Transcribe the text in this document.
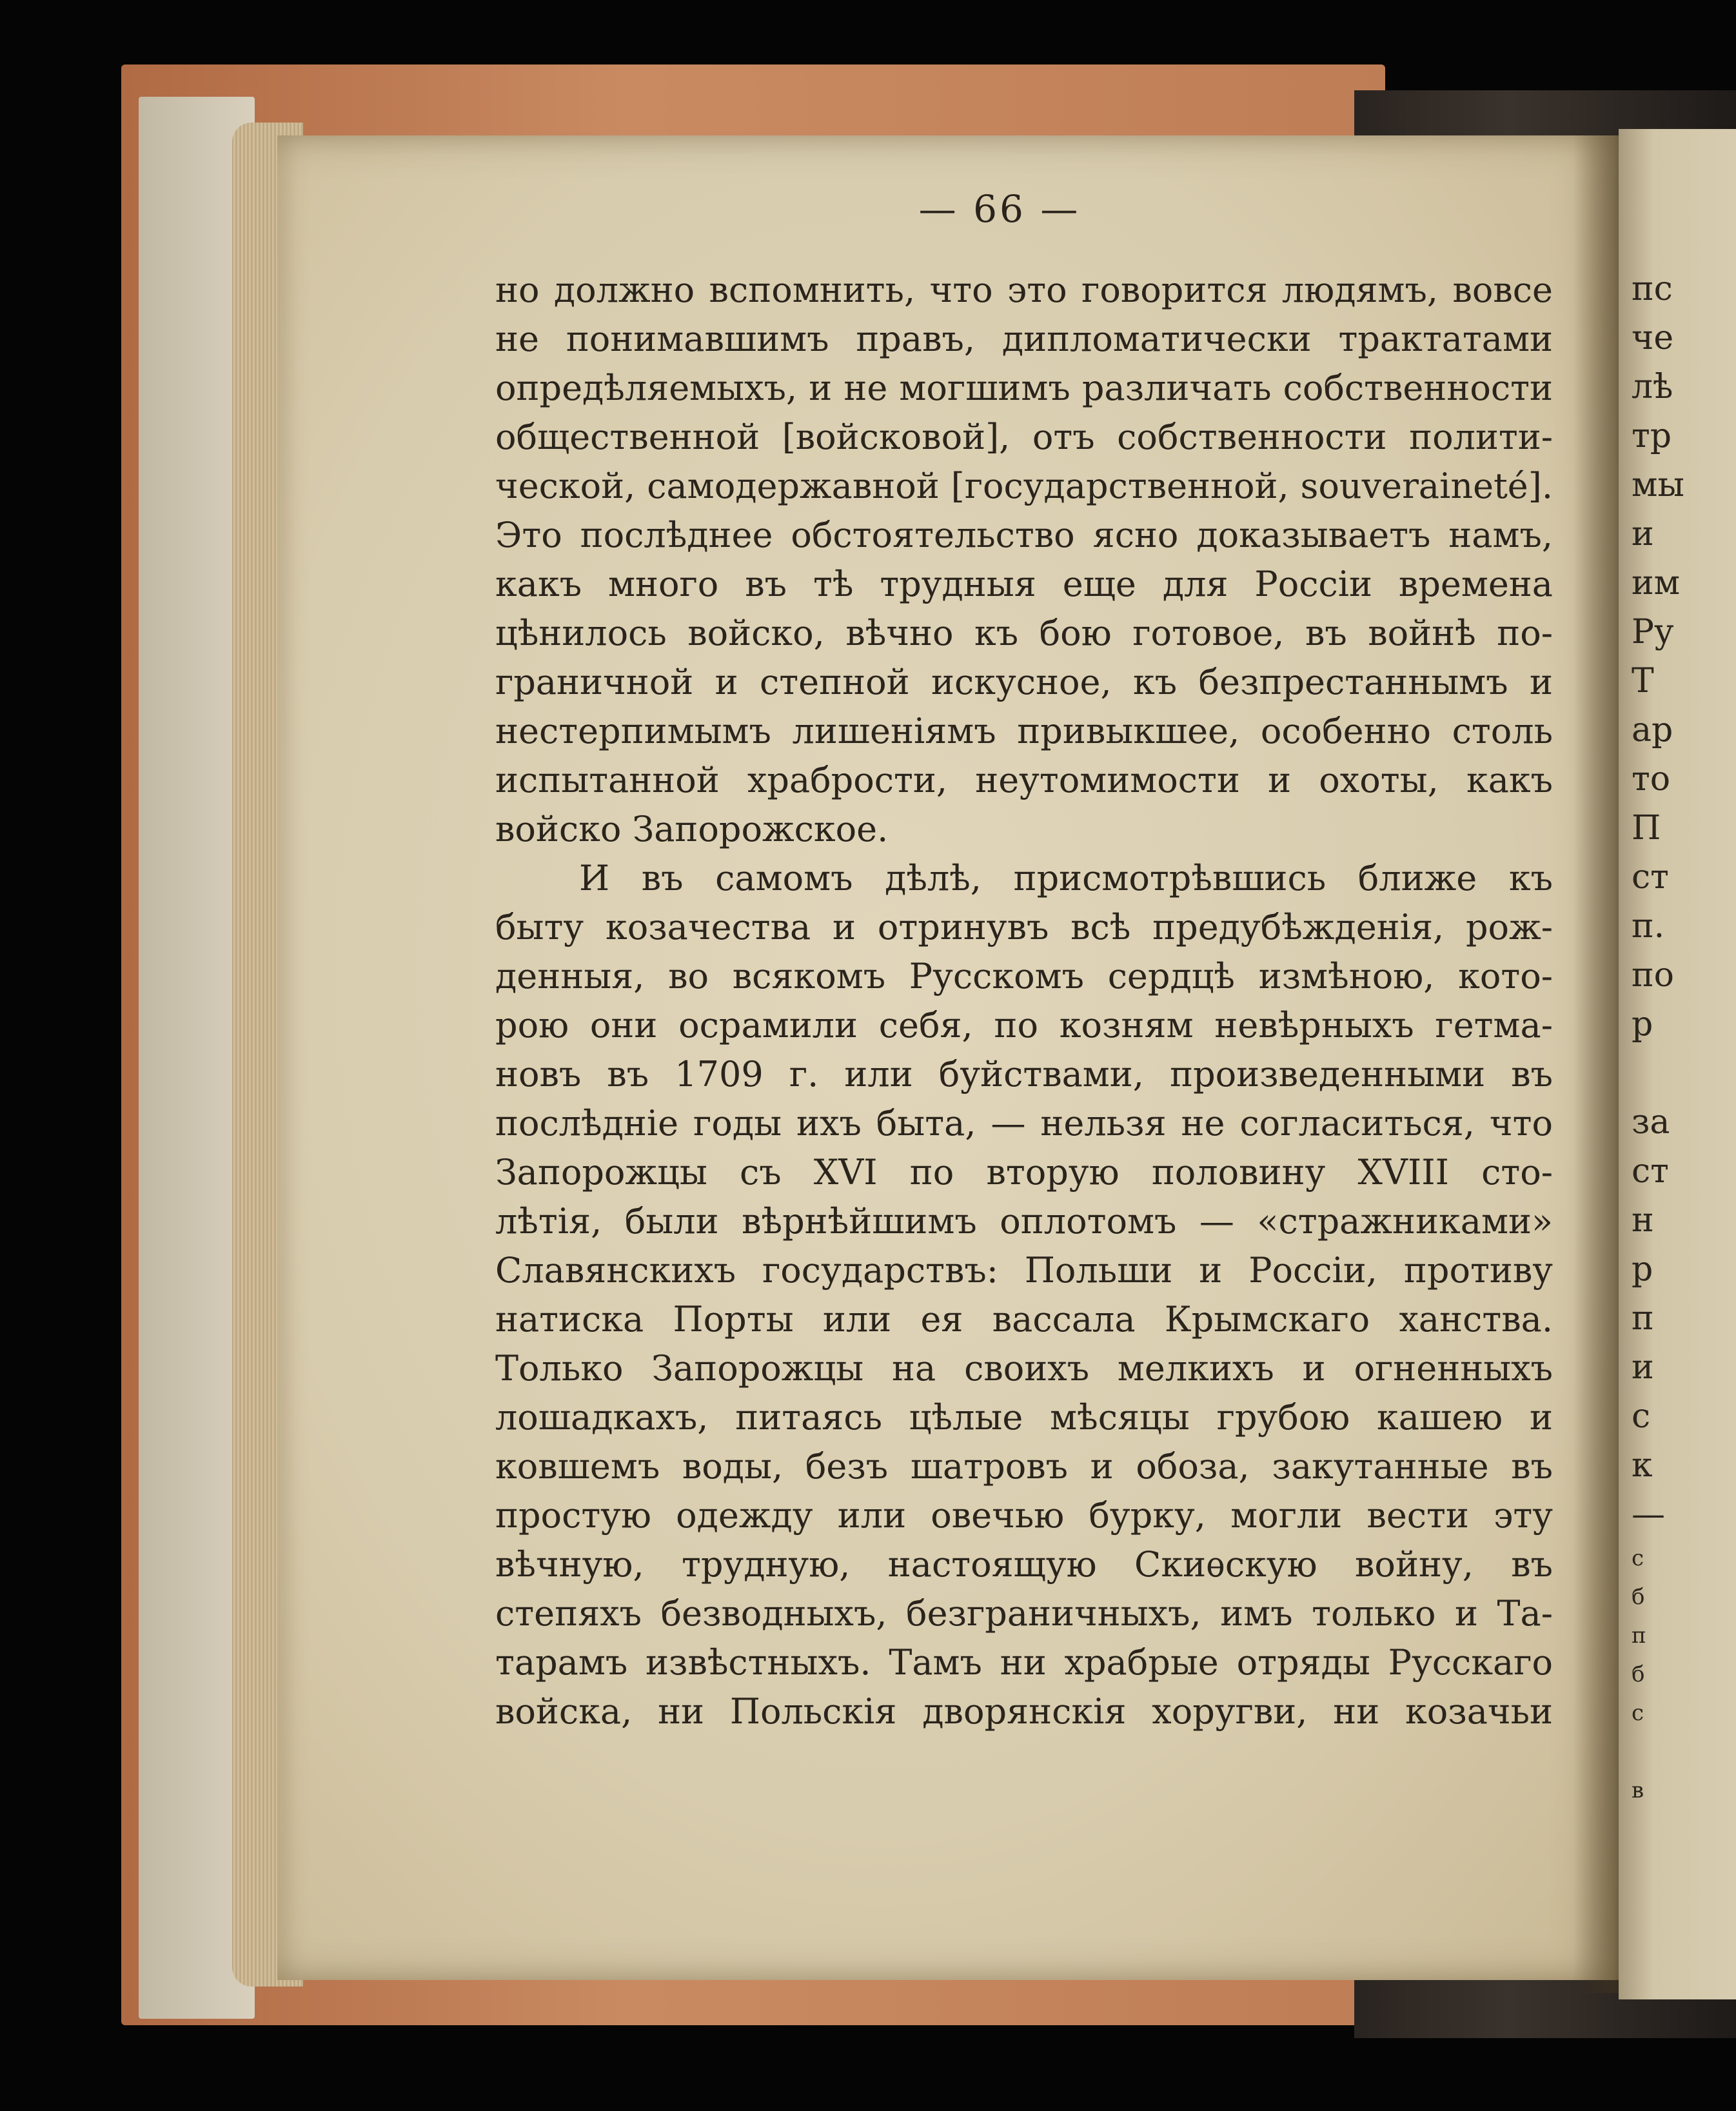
— 66 —
но должно вспомнить, что это говорится людямъ, вовсе
не понимавшимъ правъ, дипломатически трактатами
опредѣляемыхъ, и не могшимъ различать собственности
общественной [войсковой], отъ собственности полити-
ческой, самодержавной [государственной, souveraineté].
Это послѣднее обстоятельство ясно доказываетъ намъ,
какъ много въ тѣ трудныя еще для Россіи времена
цѣнилось войско, вѣчно къ бою готовое, въ войнѣ по-
граничной и степной искусное, къ безпрестаннымъ и
нестерпимымъ лишеніямъ привыкшее, особенно столь
испытанной храбрости, неутомимости и охоты, какъ
войско Запорожское.
И въ самомъ дѣлѣ, присмотрѣвшись ближе къ
быту козачества и отринувъ всѣ предубѣжденія, рож-
денныя, во всякомъ Русскомъ сердцѣ измѣною, кото-
рою они осрамили себя, по козням невѣрныхъ гетма-
новъ въ 1709 г. или буйствами, произведенными въ
послѣдніе годы ихъ быта, — нельзя не согласиться, что
Запорожцы съ XVI по вторую половину XVIII сто-
лѣтія, были вѣрнѣйшимъ оплотомъ — «стражниками»
Славянскихъ государствъ: Польши и Россіи, противу
натиска Порты или ея вассала Крымскаго ханства.
Только Запорожцы на своихъ мелкихъ и огненныхъ
лошадкахъ, питаясь цѣлые мѣсяцы грубою кашею и
ковшемъ воды, безъ шатровъ и обоза, закутанные въ
простую одежду или овечью бурку, могли вести эту
вѣчную, трудную, настоящую Скиѳскую войну, въ
степяхъ безводныхъ, безграничныхъ, имъ только и Та-
тарамъ извѣстныхъ. Тамъ ни храбрые отряды Русскаго
войска, ни Польскія дворянскія хоругви, ни козачьи
пс
че
лѣ
тр
мы
и
им
Ру
Т
ар
то
П
ст
п.
по
р
за
ст
н
р
п
и
с
к
—
с
б
п
б
с
в
